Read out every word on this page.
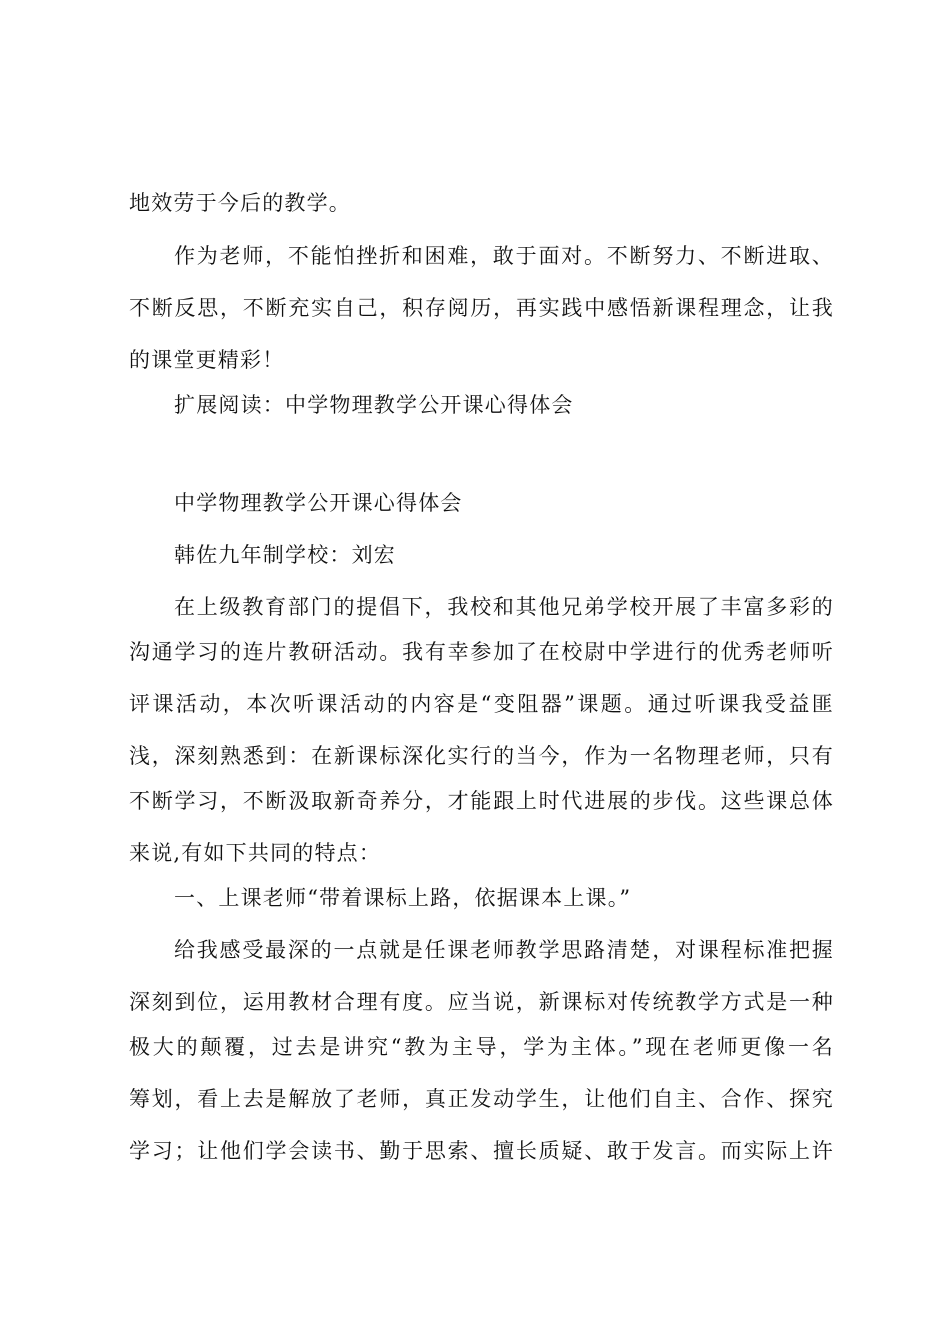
地效劳于今后的教学。
作为老师，不能怕挫折和困难，敢于面对。不断努力、不断进取、
不断反思，不断充实自己，积存阅历，再实践中感悟新课程理念，让我
的课堂更精彩！
扩展阅读：中学物理教学公开课心得体会
中学物理教学公开课心得体会
韩佐九年制学校：刘宏
在上级教育部门的提倡下，我校和其他兄弟学校开展了丰富多彩的
沟通学习的连片教研活动。我有幸参加了在校尉中学进行的优秀老师听
评课活动，本次听课活动的内容是“变阻器”课题。通过听课我受益匪
浅，深刻熟悉到：在新课标深化实行的当今，作为一名物理老师，只有
不断学习，不断汲取新奇养分，才能跟上时代进展的步伐。这些课总体
来说,有如下共同的特点：
一、上课老师“带着课标上路，依据课本上课。”
给我感受最深的一点就是任课老师教学思路清楚，对课程标准把握
深刻到位，运用教材合理有度。应当说，新课标对传统教学方式是一种
极大的颠覆，过去是讲究“教为主导，学为主体。”现在老师更像一名
筹划，看上去是解放了老师，真正发动学生，让他们自主、合作、探究
学习；让他们学会读书、勤于思索、擅长质疑、敢于发言。而实际上许
